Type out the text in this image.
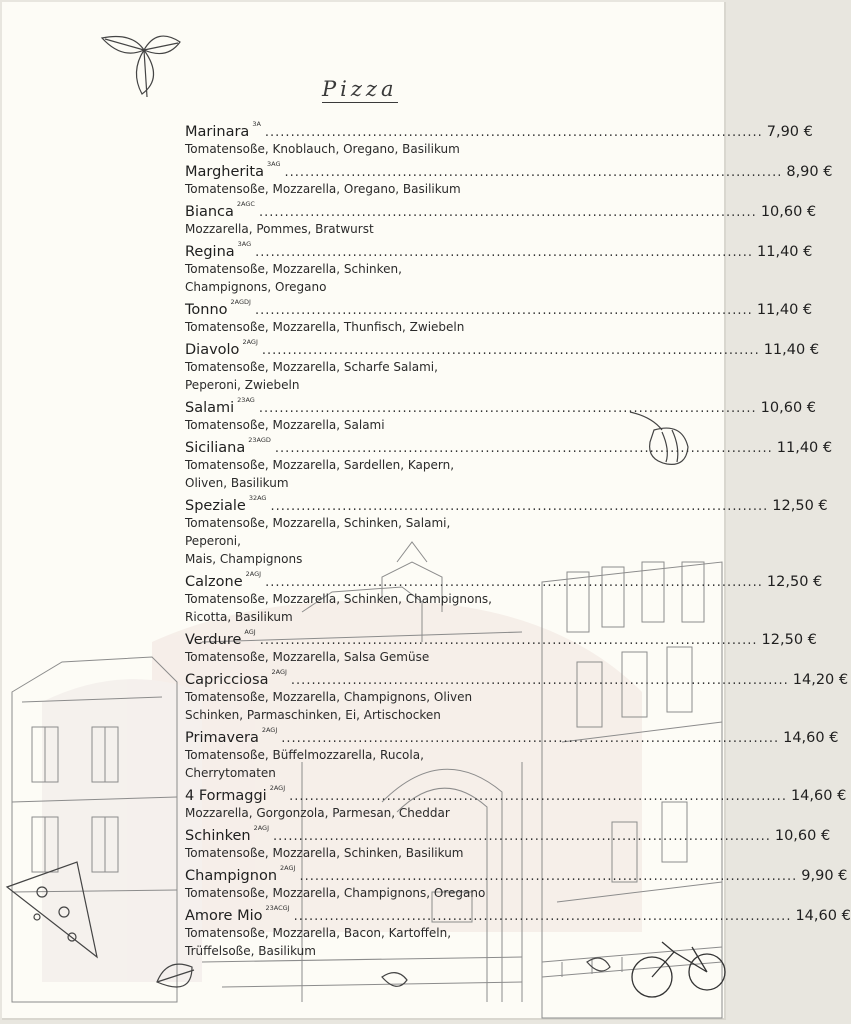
Pizza
Marinara $^{3A}$
................................................................................................. 7,90 €
Tomatensoße, Knoblauch, Oregano, Basilikum
Margherita $^{3AG}$
................................................................................................. 8,90 €
Tomatensoße, Mozzarella, Oregano, Basilikum
Bianca $^{2AGC}$
................................................................................................. 10,60 €
Mozzarella, Pommes, Bratwurst
Regina $^{3AG}$
................................................................................................. 11,40 €
Tomatensoße, Mozzarella, Schinken,
Champignons, Oregano
Tonno $^{2AGDJ}$
................................................................................................. 11,40 €
Tomatensoße, Mozzarella, Thunfisch, Zwiebeln
Diavolo $^{2AGJ}$
................................................................................................. 11,40 €
Tomatensoße, Mozzarella, Scharfe Salami,
Peperoni, Zwiebeln
Salami $^{23AG}$
................................................................................................. 10,60 €
Tomatensoße, Mozzarella, Salami
Siciliana $^{23AGD}$
................................................................................................. 11,40 €
Tomatensoße, Mozzarella, Sardellen, Kapern,
Oliven, Basilikum
Speziale $^{32AG}$
................................................................................................. 12,50 €
Tomatensoße, Mozzarella, Schinken, Salami, Peperoni,
Mais, Champignons
Calzone $^{2AGJ}$
................................................................................................. 12,50 €
Tomatensoße, Mozzarella, Schinken, Champignons,
Ricotta, Basilikum
Verdure $^{AGJ}$
................................................................................................. 12,50 €
Tomatensoße, Mozzarella, Salsa Gemüse
Capricciosa $^{2AGJ}$
................................................................................................. 14,20 €
Tomatensoße, Mozzarella, Champignons, Oliven
Schinken, Parmaschinken, Ei, Artischocken
Primavera $^{2AGJ}$
................................................................................................. 14,60 €
Tomatensoße, Büffelmozzarella, Rucola, Cherrytomaten
4 Formaggi $^{2AGJ}$
................................................................................................. 14,60 €
Mozzarella, Gorgonzola, Parmesan, Cheddar
Schinken $^{2AGJ}$
................................................................................................. 10,60 €
Tomatensoße, Mozzarella, Schinken, Basilikum
Champignon $^{2AGJ}$
................................................................................................. 9,90 €
Tomatensoße, Mozzarella, Champignons, Oregano
Amore Mio $^{23ACGJ}$
................................................................................................. 14,60 €
Tomatensoße, Mozzarella, Bacon, Kartoffeln,
Trüffelsoße, Basilikum
